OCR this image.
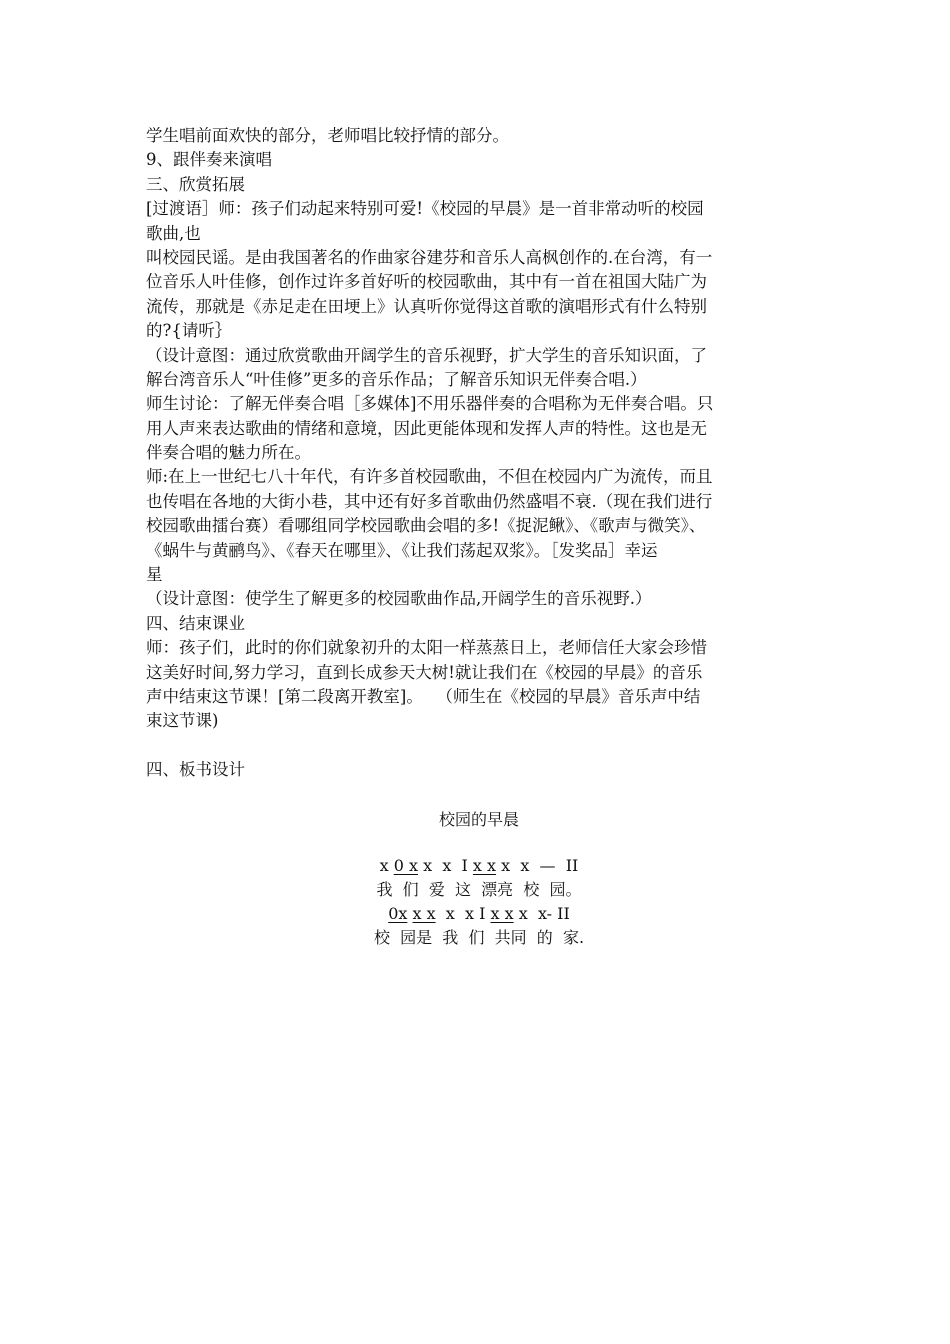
学生唱前面欢快的部分，老师唱比较抒情的部分。
9、跟伴奏来演唱
三、欣赏拓展
[过渡语］师：孩子们动起来特别可爱!《校园的早晨》是一首非常动听的校园
歌曲,也
叫校园民谣。是由我国著名的作曲家谷建芬和音乐人高枫创作的.在台湾，有一
位音乐人叶佳修，创作过许多首好听的校园歌曲，其中有一首在祖国大陆广为
流传，那就是《赤足走在田埂上》认真听你觉得这首歌的演唱形式有什么特别
的?{请听｝
（设计意图：通过欣赏歌曲开阔学生的音乐视野，扩大学生的音乐知识面，了
解台湾音乐人“叶佳修”更多的音乐作品；了解音乐知识无伴奏合唱.）
师生讨论：了解无伴奏合唱［多媒体]不用乐器伴奏的合唱称为无伴奏合唱。只
用人声来表达歌曲的情绪和意境，因此更能体现和发挥人声的特性。这也是无
伴奏合唱的魅力所在。
师:在上一世纪七八十年代，有许多首校园歌曲，不但在校园内广为流传，而且
也传唱在各地的大街小巷，其中还有好多首歌曲仍然盛唱不衰.（现在我们进行
校园歌曲擂台赛）看哪组同学校园歌曲会唱的多!《捉泥鳅》、《歌声与微笑》、
《蜗牛与黄鹂鸟》、《春天在哪里》、《让我们荡起双浆》。［发奖品］幸运
星
（设计意图：使学生了解更多的校园歌曲作品,开阔学生的音乐视野.）
四、结束课业
师：孩子们，此时的你们就象初升的太阳一样蒸蒸日上，老师信任大家会珍惜
这美好时间,努力学习，直到长成参天大树!就让我们在《校园的早晨》的音乐
声中结束这节课！[第二段离开教室]。　 （师生在《校园的早晨》音乐声中结
束这节课)
四、板书设计
校园的早晨
x 0 x x  x  I x x x  x  —  II
我  们  爱  这  漂亮  校  园。
0x x x  x  x I x x x  x- II
校  园是  我  们  共同  的  家.
